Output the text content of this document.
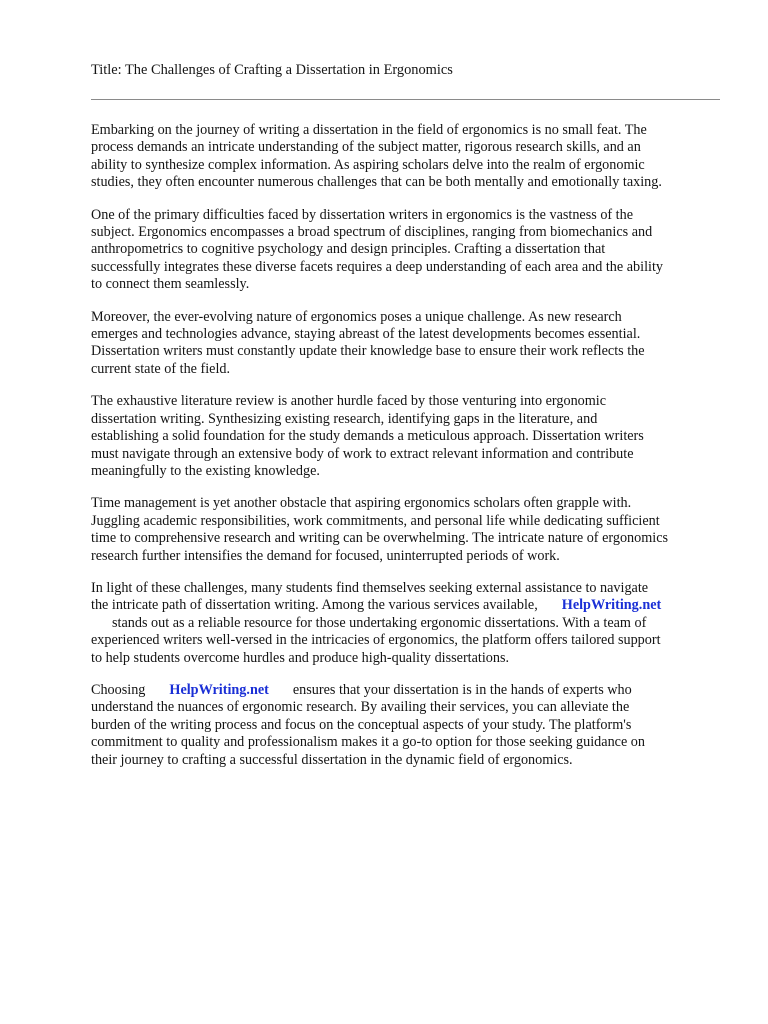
Title: The Challenges of Crafting a Dissertation in Ergonomics

Embarking on the journey of writing a dissertation in the field of ergonomics is no small feat. The
process demands an intricate understanding of the subject matter, rigorous research skills, and an
ability to synthesize complex information. As aspiring scholars delve into the realm of ergonomic
studies, they often encounter numerous challenges that can be both mentally and emotionally taxing.

One of the primary difficulties faced by dissertation writers in ergonomics is the vastness of the
subject. Ergonomics encompasses a broad spectrum of disciplines, ranging from biomechanics and
anthropometrics to cognitive psychology and design principles. Crafting a dissertation that
successfully integrates these diverse facets requires a deep understanding of each area and the ability
to connect them seamlessly.

Moreover, the ever-evolving nature of ergonomics poses a unique challenge. As new research
emerges and technologies advance, staying abreast of the latest developments becomes essential.
Dissertation writers must constantly update their knowledge base to ensure their work reflects the
current state of the field.

The exhaustive literature review is another hurdle faced by those venturing into ergonomic
dissertation writing. Synthesizing existing research, identifying gaps in the literature, and
establishing a solid foundation for the study demands a meticulous approach. Dissertation writers
must navigate through an extensive body of work to extract relevant information and contribute
meaningfully to the existing knowledge.

Time management is yet another obstacle that aspiring ergonomics scholars often grapple with.
Juggling academic responsibilities, work commitments, and personal life while dedicating sufficient
time to comprehensive research and writing can be overwhelming. The intricate nature of ergonomics
research further intensifies the demand for focused, uninterrupted periods of work.

In light of these challenges, many students find themselves seeking external assistance to navigate
the intricate path of dissertation writing. Among the various services available, HelpWriting.net
stands out as a reliable resource for those undertaking ergonomic dissertations. With a team of
experienced writers well-versed in the intricacies of ergonomics, the platform offers tailored support
to help students overcome hurdles and produce high-quality dissertations.

Choosing HelpWriting.net ensures that your dissertation is in the hands of experts who
understand the nuances of ergonomic research. By availing their services, you can alleviate the
burden of the writing process and focus on the conceptual aspects of your study. The platform's
commitment to quality and professionalism makes it a go-to option for those seeking guidance on
their journey to crafting a successful dissertation in the dynamic field of ergonomics.
